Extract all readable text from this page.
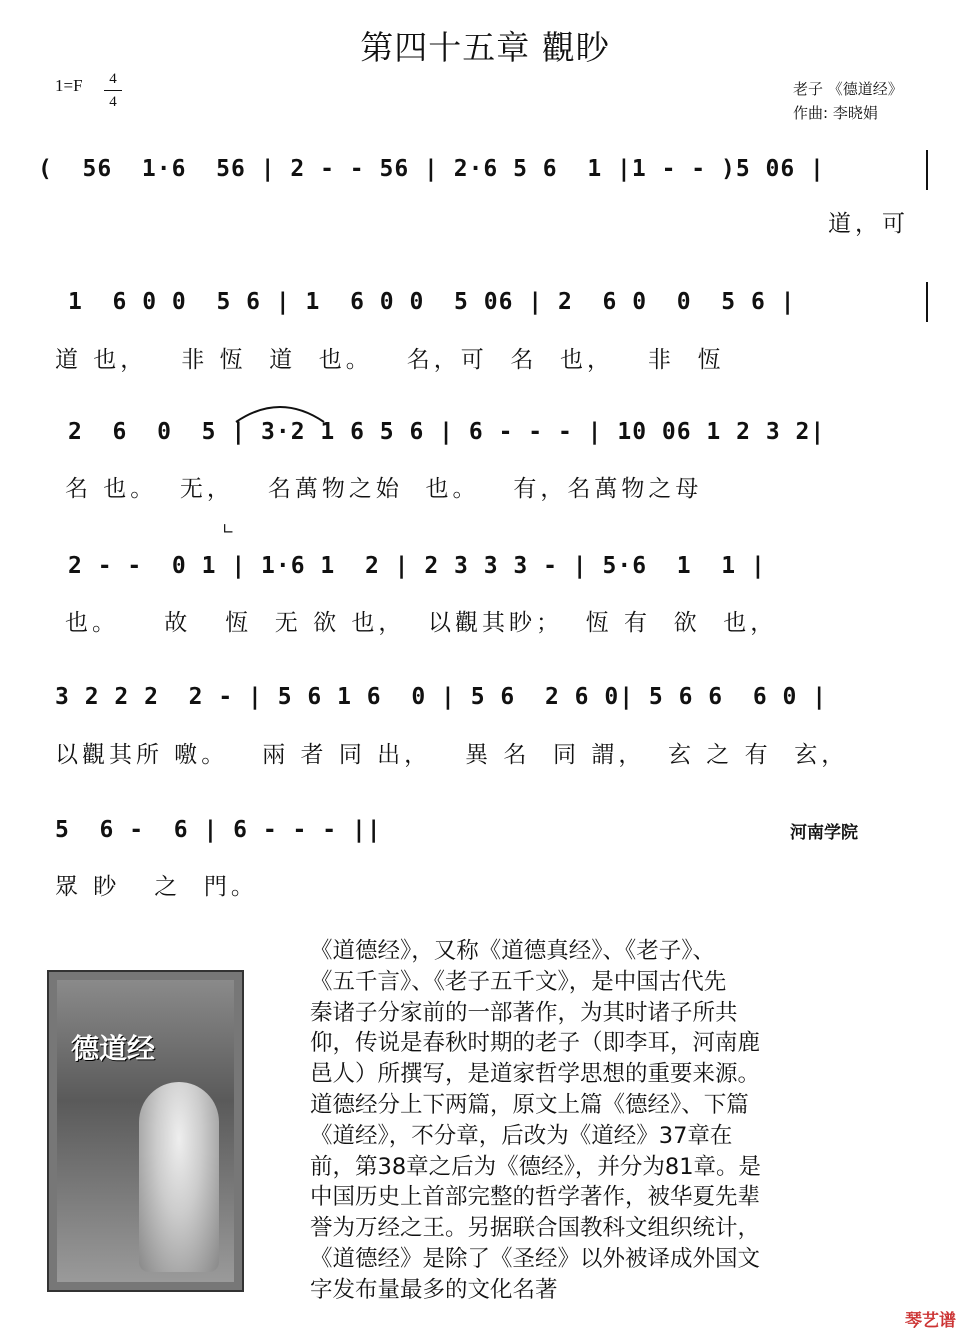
第四十五章 觀眇
1=F	4
4
老子 《德道经》
作曲: 李晓娟
(  56  1·6  56 | 2 - - 56 | 2·6 5 6  1 |1 - - )5 06 |
道，可
1  6 0 0  5 6 | 1  6 0 0  5 06 | 2  6 0  0  5 6 |
道 也，   非 恆  道  也。   名，可  名  也，   非  恆
2  6  0  5 | 3·2 1 6 5 6 | 6 - - - | 10 06 1 2 3 2|
名 也。  无，   名萬物之始  也。   有，名萬物之母
2 - -  0 1 | 1·6 1  2 | 2 3 3 3 - | 5·6  1  1 |
也。    故   恆  无 欲 也，  以觀其眇；  恆 有  欲  也，
∟
3 2 2 2  2 - | 5 6 1 6  0 | 5 6  2 6 0| 5 6 6  6 0 |
以觀其所 噭。   兩 者 同 出，   異 名  同 謂，  玄 之 有  玄，
5  6 -  6 | 6 - - - ||
眾 眇   之  門。
河南学院
德道经

《道德经》，又称《道德真经》、《老子》、

《五千言》、《老子五千文》，是中国古代先

秦诸子分家前的一部著作，为其时诸子所共

仰，传说是春秋时期的老子（即李耳，河南鹿

邑人）所撰写，是道家哲学思想的重要来源。

道德经分上下两篇，原文上篇《德经》、下篇

《道经》，不分章，后改为《道经》37章在

前，第38章之后为《德经》，并分为81章。是

中国历史上首部完整的哲学著作，被华夏先辈

誉为万经之王。另据联合国教科文组织统计，

《道德经》是除了《圣经》以外被译成外国文

字发布量最多的文化名著

琴艺谱
